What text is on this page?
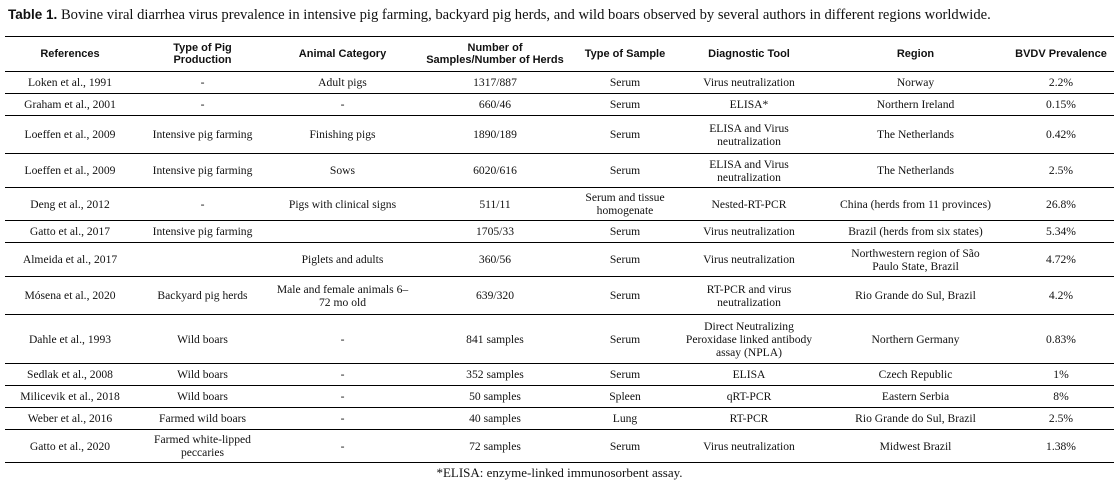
Table 1. Bovine viral diarrhea virus prevalence in intensive pig farming, backyard pig herds, and wild boars observed by several authors in different regions worldwide.
References	Type of Pig Production	Animal Category	Number of Samples/Number of Herds	Type of Sample	Diagnostic Tool	Region	BVDV Prevalence
Loken et al., 1991	-	Adult pigs	1317/887	Serum	Virus neutralization	Norway	2.2%
Graham et al., 2001	-	-	660/46	Serum	ELISA*	Northern Ireland	0.15%
Loeffen et al., 2009	Intensive pig farming	Finishing pigs	1890/189	Serum	ELISA and Virus neutralization	The Netherlands	0.42%
Loeffen et al., 2009	Intensive pig farming	Sows	6020/616	Serum	ELISA and Virus neutralization	The Netherlands	2.5%
Deng et al., 2012	-	Pigs with clinical signs	511/11	Serum and tissue homogenate	Nested-RT-PCR	China (herds from 11 provinces)	26.8%
Gatto et al., 2017	Intensive pig farming		1705/33	Serum	Virus neutralization	Brazil (herds from six states)	5.34%
Almeida et al., 2017		Piglets and adults	360/56	Serum	Virus neutralization	Northwestern region of São Paulo State, Brazil	4.72%
Mósena et al., 2020	Backyard pig herds	Male and female animals 6–72 mo old	639/320	Serum	RT-PCR and virus neutralization	Rio Grande do Sul, Brazil	4.2%
Dahle et al., 1993	Wild boars	-	841 samples	Serum	Direct Neutralizing Peroxidase linked antibody assay (NPLA)	Northern Germany	0.83%
Sedlak et al., 2008	Wild boars	-	352 samples	Serum	ELISA	Czech Republic	1%
Milicevik et al., 2018	Wild boars	-	50 samples	Spleen	qRT-PCR	Eastern Serbia	8%
Weber et al., 2016	Farmed wild boars	-	40 samples	Lung	RT-PCR	Rio Grande do Sul, Brazil	2.5%
Gatto et al., 2020	Farmed white-lipped peccaries	-	72 samples	Serum	Virus neutralization	Midwest Brazil	1.38%
*ELISA: enzyme-linked immunosorbent assay.
